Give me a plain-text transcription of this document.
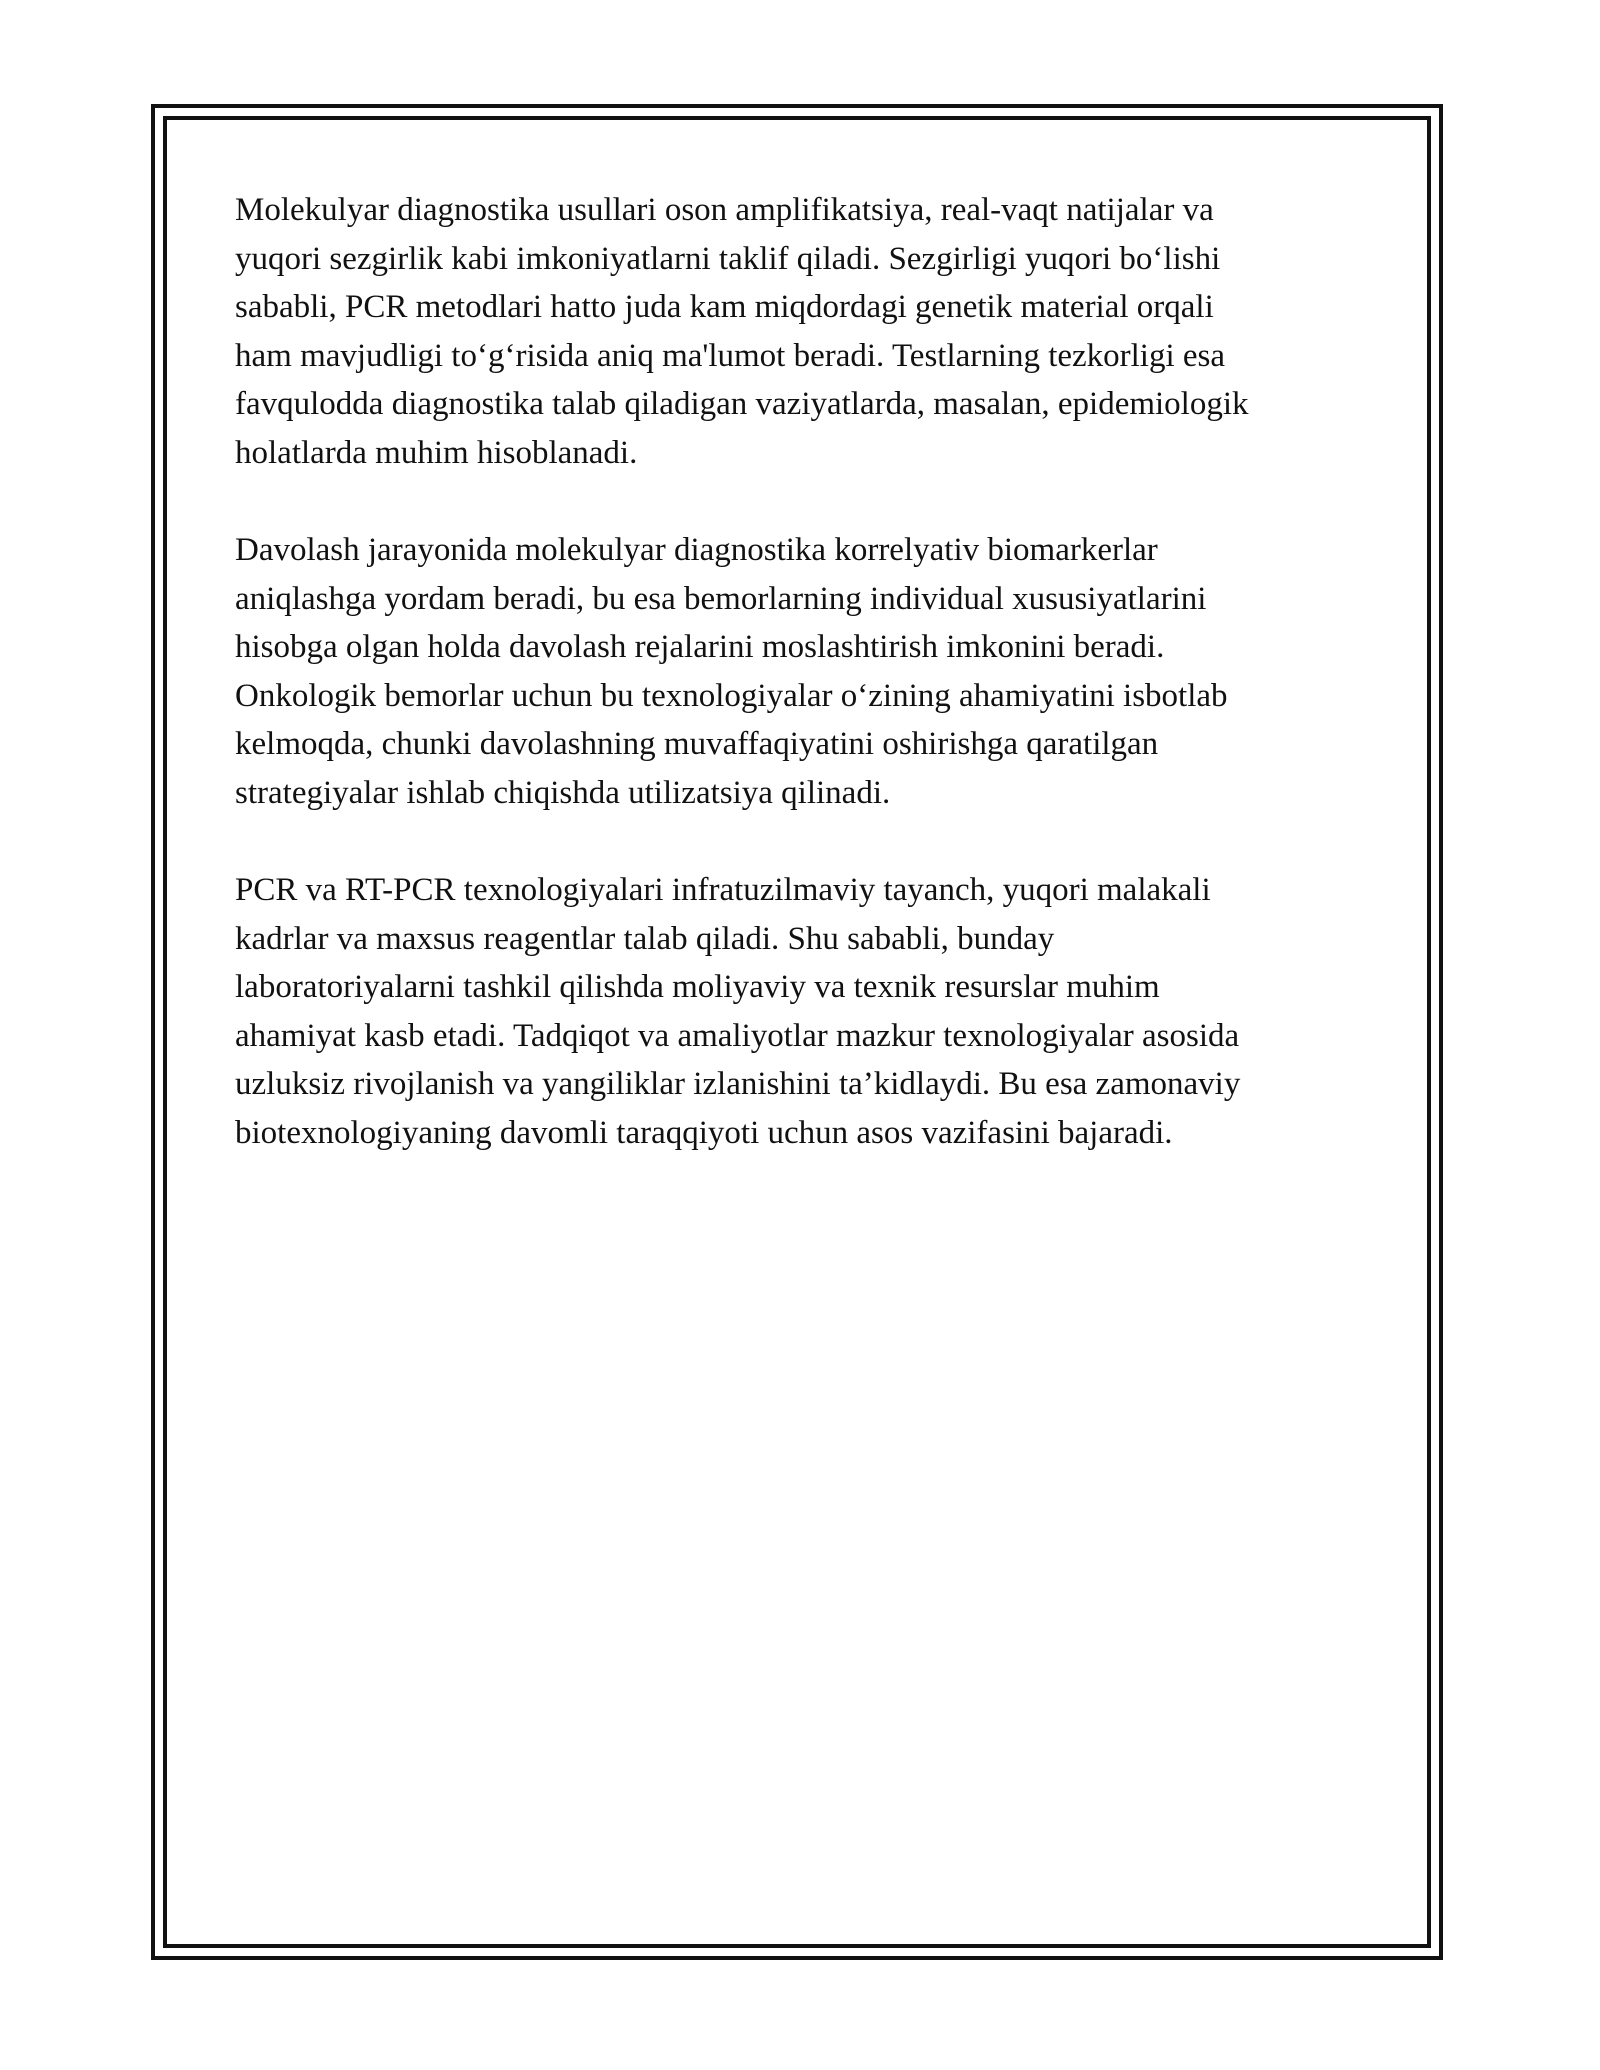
Molekulyar diagnostika usullari oson amplifikatsiya, real-vaqt natijalar va
yuqori sezgirlik kabi imkoniyatlarni taklif qiladi. Sezgirligi yuqori bo‘lishi
sababli, PCR metodlari hatto juda kam miqdordagi genetik material orqali
ham mavjudligi to‘g‘risida aniq ma'lumot beradi. Testlarning tezkorligi esa
favqulodda diagnostika talab qiladigan vaziyatlarda, masalan, epidemiologik
holatlarda muhim hisoblanadi.

Davolash jarayonida molekulyar diagnostika korrelyativ biomarkerlar
aniqlashga yordam beradi, bu esa bemorlarning individual xususiyatlarini
hisobga olgan holda davolash rejalarini moslashtirish imkonini beradi.
Onkologik bemorlar uchun bu texnologiyalar o‘zining ahamiyatini isbotlab
kelmoqda, chunki davolashning muvaffaqiyatini oshirishga qaratilgan
strategiyalar ishlab chiqishda utilizatsiya qilinadi.

PCR va RT-PCR texnologiyalari infratuzilmaviy tayanch, yuqori malakali
kadrlar va maxsus reagentlar talab qiladi. Shu sababli, bunday
laboratoriyalarni tashkil qilishda moliyaviy va texnik resurslar muhim
ahamiyat kasb etadi. Tadqiqot va amaliyotlar mazkur texnologiyalar asosida
uzluksiz rivojlanish va yangiliklar izlanishini ta’kidlaydi. Bu esa zamonaviy
biotexnologiyaning davomli taraqqiyoti uchun asos vazifasini bajaradi.
